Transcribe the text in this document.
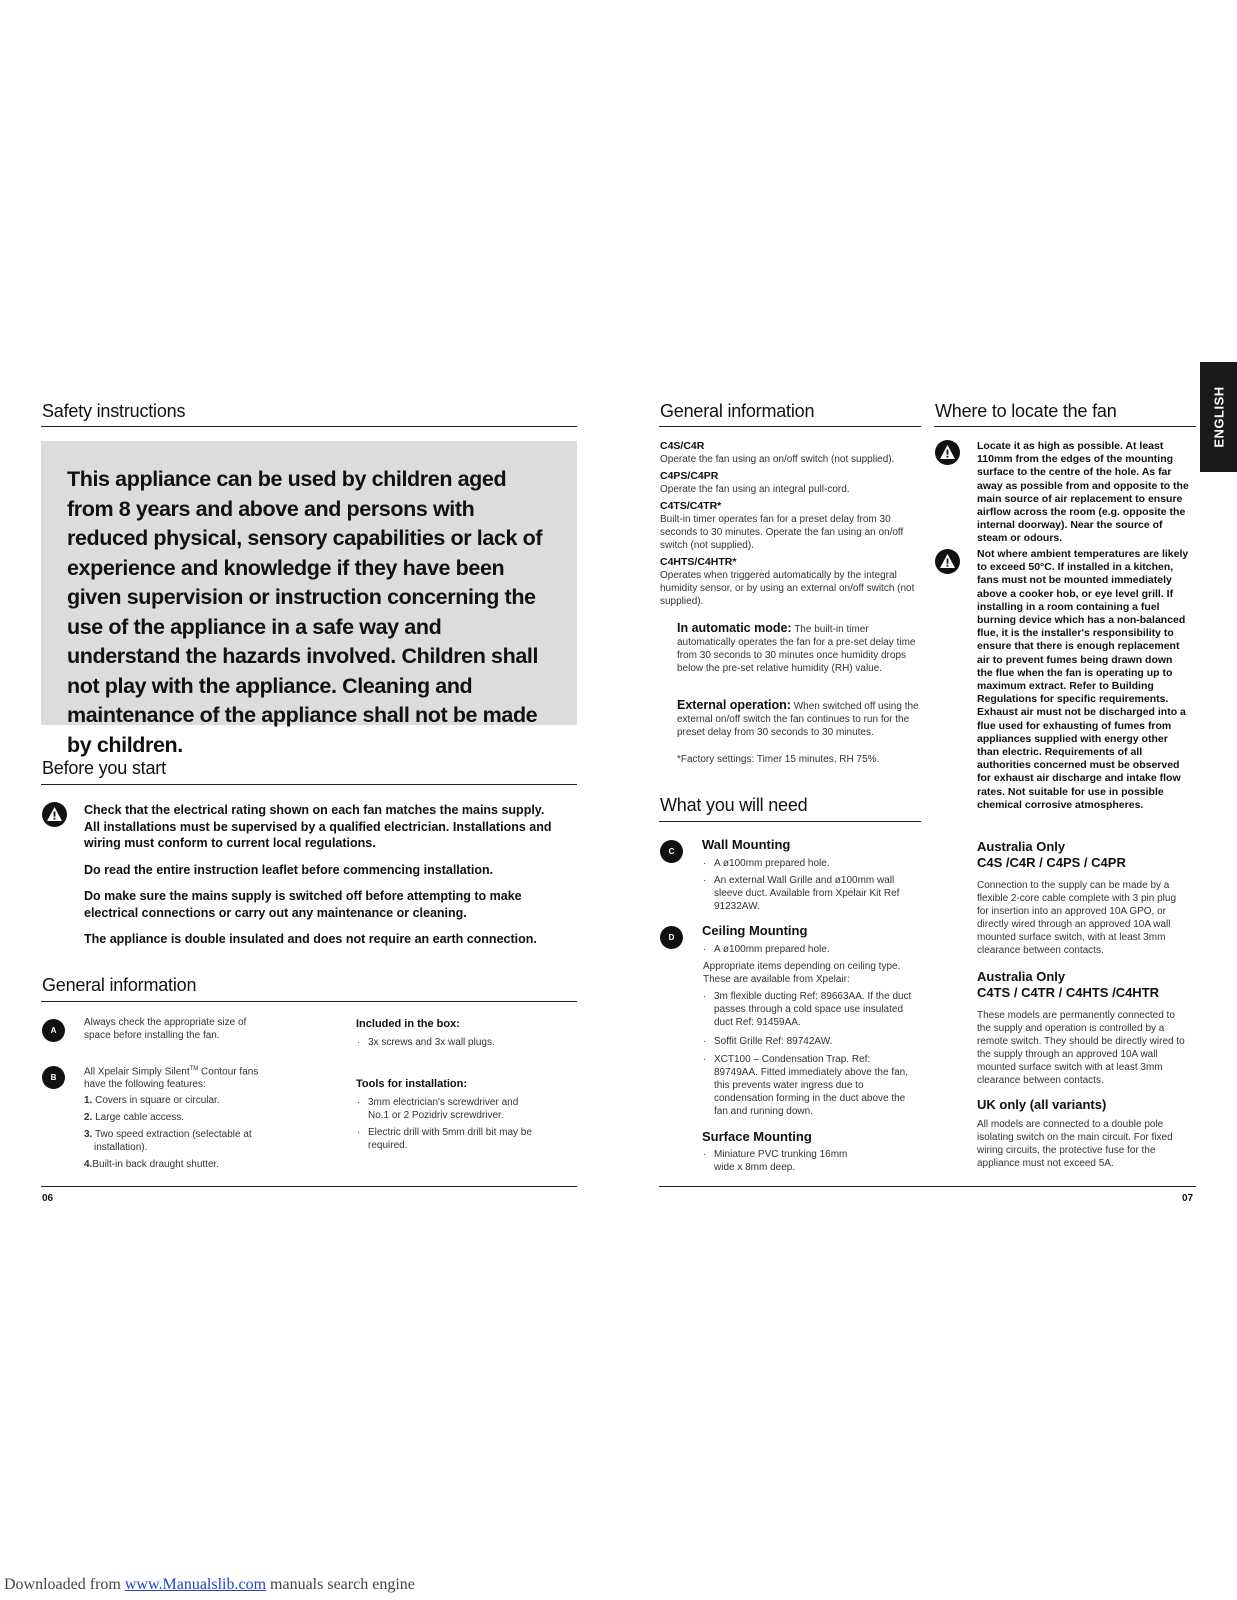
Safety instructions

This appliance can be used by children aged from 8 years and above and persons with reduced physical, sensory capabilities or lack of experience and knowledge if they have been given supervision or instruction concerning the use of the appliance in a safe way and understand the hazards involved. Children shall not play with the appliance. Cleaning and maintenance of the appliance shall not be made by children.

Before you start
Check that the electrical rating shown on each fan matches the mains supply. All installations must be supervised by a qualified electrician. Installations and wiring must conform to current local regulations.
Do read the entire instruction leaflet before commencing installation.
Do make sure the mains supply is switched off before attempting to make electrical connections or carry out any maintenance or cleaning.
The appliance is double insulated and does not require an earth connection.
General information
A
Always check the appropriate size of space before installing the fan.
B
All Xpelair Simply Silent™ Contour fans have the following features:
1. Covers in square or circular.
2. Large cable access.
3. Two speed extraction (selectable at installation).
4.Built-in back draught shutter.
Included in the box:
· 3x screws and 3x wall plugs.
Tools for installation:
· 3mm electrician's screwdriver and No.1 or 2 Pozidriv screwdriver.
· Electric drill with 5mm drill bit may be required.
06
ENGLISH
General information
C4S/C4R
Operate the fan using an on/off switch (not supplied).
C4PS/C4PR
Operate the fan using an integral pull-cord.
C4TS/C4TR*
Built-in timer operates fan for a preset delay from 30 seconds to 30 minutes. Operate the fan using an on/off switch (not supplied).
C4HTS/C4HTR*
Operates when triggered automatically by the integral humidity sensor, or by using an external on/off switch (not supplied).
In automatic mode: The built-in timer automatically operates the fan for a pre-set delay time from 30 seconds to 30 minutes once humidity drops below the pre-set relative humidity (RH) value.
External operation: When switched off using the external on/off switch the fan continues to run for the preset delay from 30 seconds to 30 minutes.
*Factory settings: Timer 15 minutes, RH 75%.
What you will need
C	Wall Mounting
· A ø100mm prepared hole.
· An external Wall Grille and ø100mm wall sleeve duct. Available from Xpelair Kit Ref 91232AW.
D	Ceiling Mounting
· A ø100mm prepared hole.
Appropriate items depending on ceiling type. These are available from Xpelair:
· 3m flexible ducting Ref: 89663AA. If the duct passes through a cold space use insulated duct Ref: 91459AA.
· Soffit Grille Ref: 89742AW.
· XCT100 – Condensation Trap. Ref: 89749AA. Fitted immediately above the fan, this prevents water ingress due to condensation forming in the duct above the fan and running down.
Surface Mounting
· Miniature PVC trunking 16mm wide x 8mm deep.
Where to locate the fan
Locate it as high as possible. At least 110mm from the edges of the mounting surface to the centre of the hole. As far away as possible from and opposite to the main source of air replacement to ensure airflow across the room (e.g. opposite the internal doorway). Near the source of steam or odours.
Not where ambient temperatures are likely to exceed 50°C. If installed in a kitchen, fans must not be mounted immediately above a cooker hob, or eye level grill. If installing in a room containing a fuel burning device which has a non-balanced flue, it is the installer's responsibility to ensure that there is enough replacement air to prevent fumes being drawn down the flue when the fan is operating up to maximum extract. Refer to Building Regulations for specific requirements. Exhaust air must not be discharged into a flue used for exhausting of fumes from appliances supplied with energy other than electric. Requirements of all authorities concerned must be observed for exhaust air discharge and intake flow rates. Not suitable for use in possible chemical corrosive atmospheres.
Australia Only
C4S /C4R / C4PS / C4PR
Connection to the supply can be made by a flexible 2-core cable complete with 3 pin plug for insertion into an approved 10A GPO, or directly wired through an approved 10A wall mounted surface switch, with at least 3mm clearance between contacts.
Australia Only
C4TS / C4TR / C4HTS /C4HTR
These models are permanently connected to the supply and operation is controlled by a remote switch. They should be directly wired to the supply through an approved 10A wall mounted surface switch with at least 3mm clearance between contacts.
UK only (all variants)
All models are connected to a double pole isolating switch on the main circuit. For fixed wiring circuits, the protective fuse for the appliance must not exceed 5A.
07
Downloaded from www.Manualslib.com manuals search engine
